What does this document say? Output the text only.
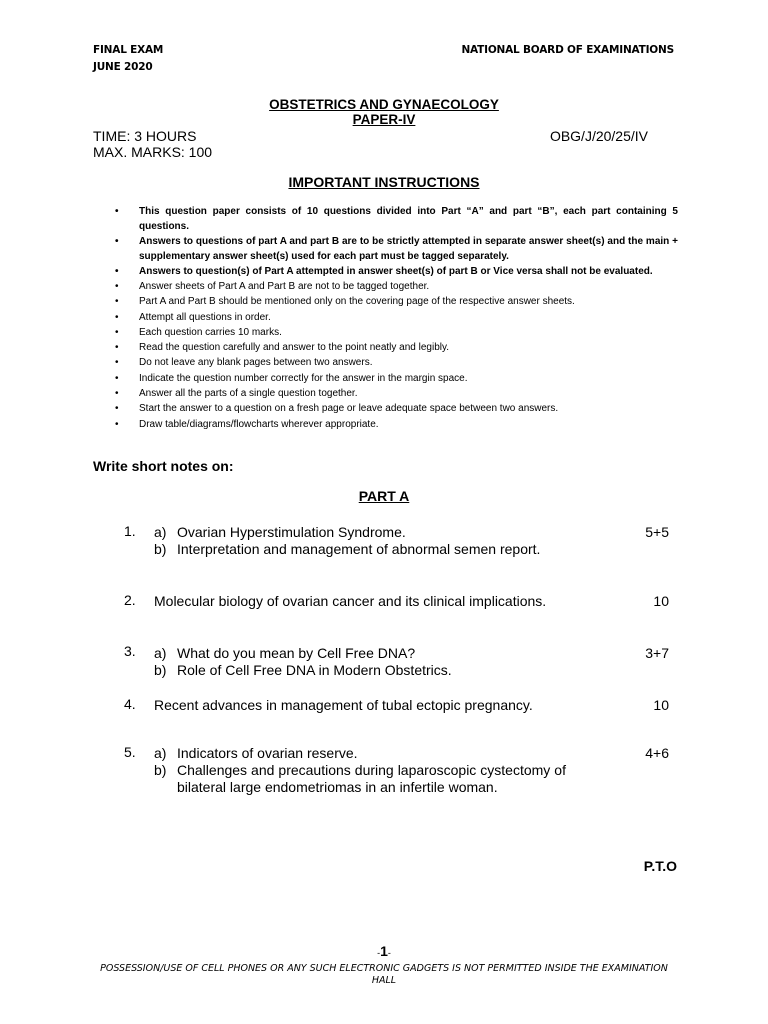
FINAL EXAM
JUNE 2020
NATIONAL BOARD OF EXAMINATIONS
OBSTETRICS AND GYNAECOLOGY
PAPER-IV
TIME: 3 HOURS
MAX. MARKS: 100
OBG/J/20/25/IV
IMPORTANT INSTRUCTIONS
• This question paper consists of 10 questions divided into Part “A” and part “B”, each part containing 5 questions.
• Answers to questions of part A and part B are to be strictly attempted in separate answer sheet(s) and the main + supplementary answer sheet(s) used for each part must be tagged separately.
• Answers to question(s) of Part A attempted in answer sheet(s) of part B or Vice versa shall not be evaluated.
• Answer sheets of Part A and Part B are not to be tagged together.
• Part A and Part B should be mentioned only on the covering page of the respective answer sheets.
• Attempt all questions in order.
• Each question carries 10 marks.
• Read the question carefully and answer to the point neatly and legibly.
• Do not leave any blank pages between two answers.
• Indicate the question number correctly for the answer in the margin space.
• Answer all the parts of a single question together.
• Start the answer to a question on a fresh page or leave adequate space between two answers.
• Draw table/diagrams/flowcharts wherever appropriate.
Write short notes on:
PART A
1. a) Ovarian Hyperstimulation Syndrome.
b) Interpretation and management of abnormal semen report.
5+5
2. Molecular biology of ovarian cancer and its clinical implications.	10
3. a) What do you mean by Cell Free DNA?
b) Role of Cell Free DNA in Modern Obstetrics.
3+7
4. Recent advances in management of tubal ectopic pregnancy.	10
5. a) Indicators of ovarian reserve.
b) Challenges and precautions during laparoscopic cystectomy of bilateral large endometriomas in an infertile woman.
4+6
P.T.O
-1-
POSSESSION/USE OF CELL PHONES OR ANY SUCH ELECTRONIC GADGETS IS NOT PERMITTED INSIDE THE EXAMINATION
HALL
